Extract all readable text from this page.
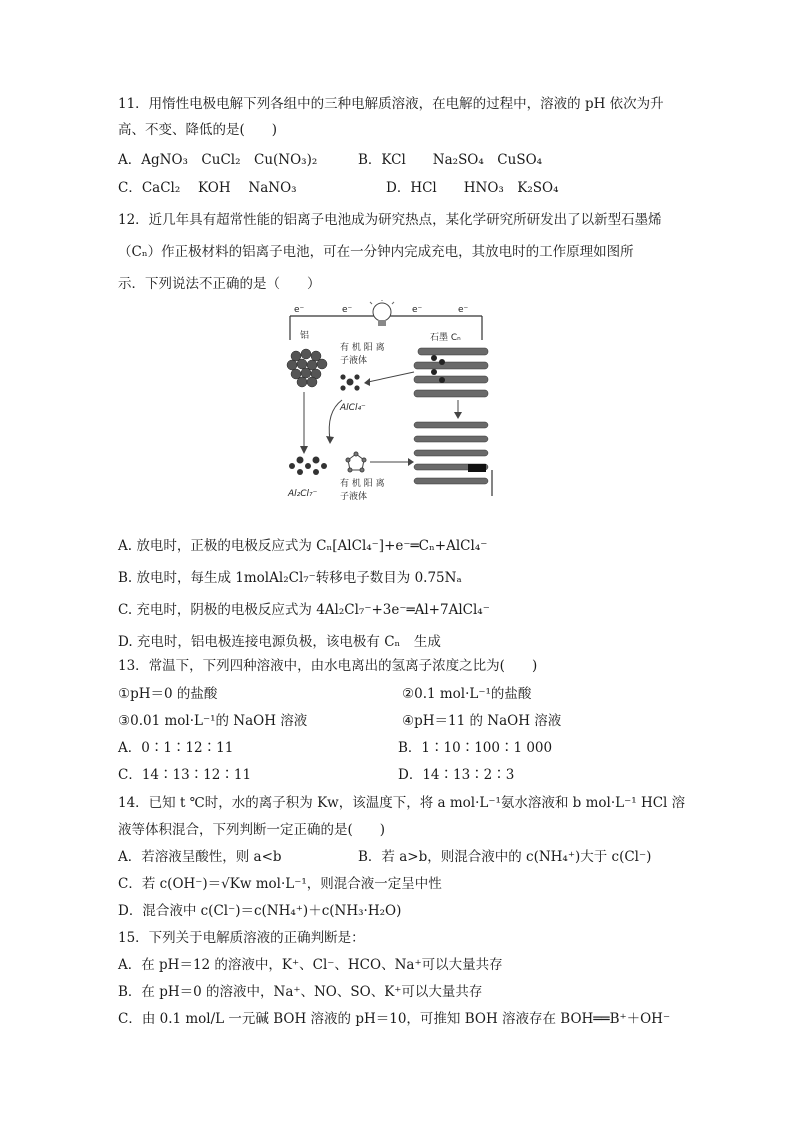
11．用惰性电极电解下列各组中的三种电解质溶液，在电解的过程中，溶液的 pH 依次为升
高、不变、降低的是(　　)
A．AgNO₃　CuCl₂　Cu(NO₃)₂	B．KCl　　Na₂SO₄　CuSO₄
C．CaCl₂　 KOH　 NaNO₃	D．HCl　　HNO₃　K₂SO₄
12．近几年具有超常性能的铝离子电池成为研究热点，某化学研究所研发出了以新型石墨烯
（Cₙ）作正极材料的铝离子电池，可在一分钟内完成充电，其放电时的工作原理如图所
示．下列说法不正确的是（　　）
e⁻	e⁻	e⁻	e⁻
铝	石墨 Cₙ
Al₂Cl₇⁻
有 机 阳 离
子液体
AlCl₄⁻
有 机 阳 离
子液体
A. 放电时，正极的电极反应式为 Cₙ[AlCl₄⁻]+e⁻═Cₙ+AlCl₄⁻
B. 放电时，每生成 1molAl₂Cl₇⁻转移电子数目为 0.75Nₐ
C. 充电时，阴极的电极反应式为 4Al₂Cl₇⁻+3e⁻═Al+7AlCl₄⁻
D. 充电时，铝电极连接电源负极，该电极有 Cₙ　生成
13．常温下，下列四种溶液中，由水电离出的氢离子浓度之比为(　　)
①pH＝0 的盐酸	②0.1 mol·L⁻¹的盐酸
③0.01 mol·L⁻¹的 NaOH 溶液	④pH＝11 的 NaOH 溶液
A．0∶1∶12∶11	B．1∶10∶100∶1 000
C．14∶13∶12∶11	D．14∶13∶2∶3
14．已知 t ℃时，水的离子积为 Kᴡ，该温度下，将 a mol·L⁻¹氨水溶液和 b mol·L⁻¹ HCl 溶
液等体积混合，下列判断一定正确的是(　　)
A．若溶液呈酸性，则 a<b	B．若 a>b，则混合液中的 c(NH₄⁺)大于 c(Cl⁻)
C．若 c(OH⁻)＝√Kᴡ mol·L⁻¹，则混合液一定呈中性
D．混合液中 c(Cl⁻)＝c(NH₄⁺)＋c(NH₃·H₂O)
15．下列关于电解质溶液的正确判断是：
A．在 pH＝12 的溶液中，K⁺、Cl⁻、HCO、Na⁺可以大量共存
B．在 pH＝0 的溶液中，Na⁺、NO、SO、K⁺可以大量共存
C．由 0.1 mol/L 一元碱 BOH 溶液的 pH＝10，可推知 BOH 溶液存在 BOH══B⁺＋OH⁻
